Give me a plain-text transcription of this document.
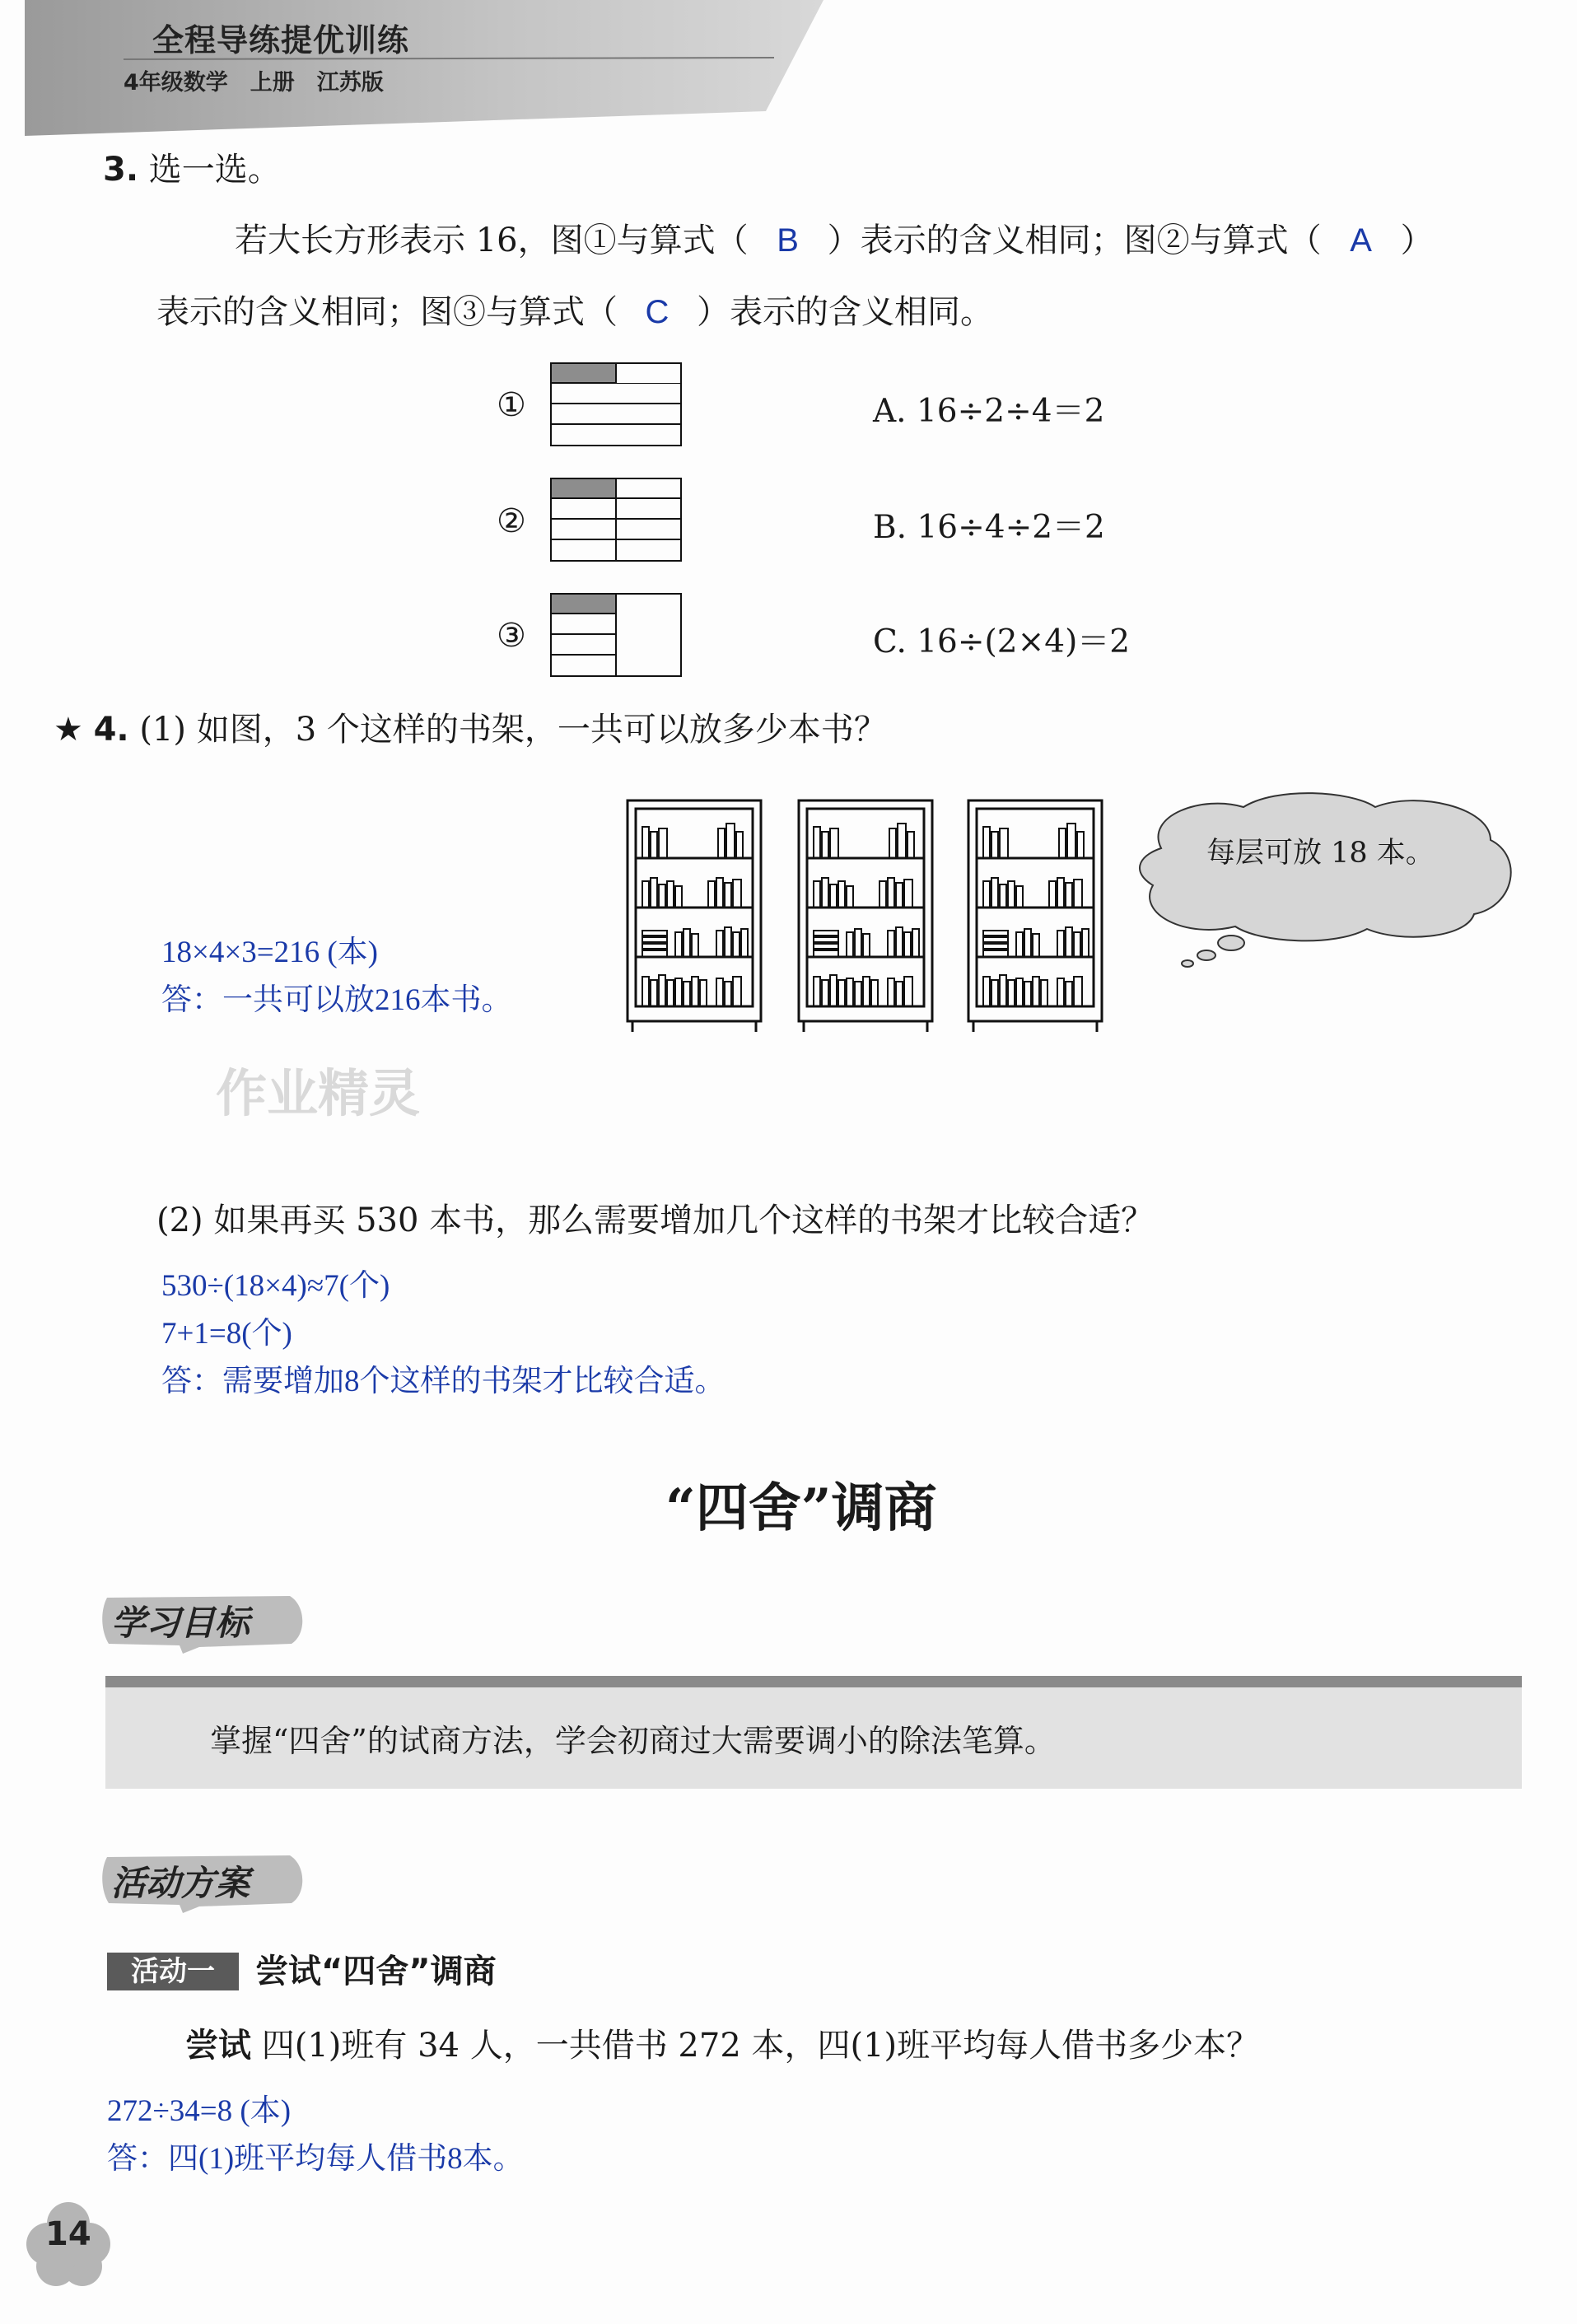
全程导练提优训练
4年级数学　上册　江苏版
3. 选一选。
若大长方形表示 16，图①与算式（ B ）表示的含义相同；图②与算式（ A ）
表示的含义相同；图③与算式（ C ）表示的含义相同。
①
②
③
A. 16÷2÷4＝2
B. 16÷4÷2＝2
C. 16÷(2×4)＝2
★ 4. (1) 如图，3 个这样的书架，一共可以放多少本书？
每层可放 18 本。
18×4×3=216 (本)
答：一共可以放216本书。
作业精灵
(2) 如果再买 530 本书，那么需要增加几个这样的书架才比较合适？
530÷(18×4)≈7(个)
7+1=8(个)
答：需要增加8个这样的书架才比较合适。
“四舍”调商
学习目标
掌握“四舍”的试商方法，学会初商过大需要调小的除法笔算。
活动方案
活动一	尝试“四舍”调商
尝试 四(1)班有 34 人，一共借书 272 本，四(1)班平均每人借书多少本？
272÷34=8 (本)
答：四(1)班平均每人借书8本。
14
